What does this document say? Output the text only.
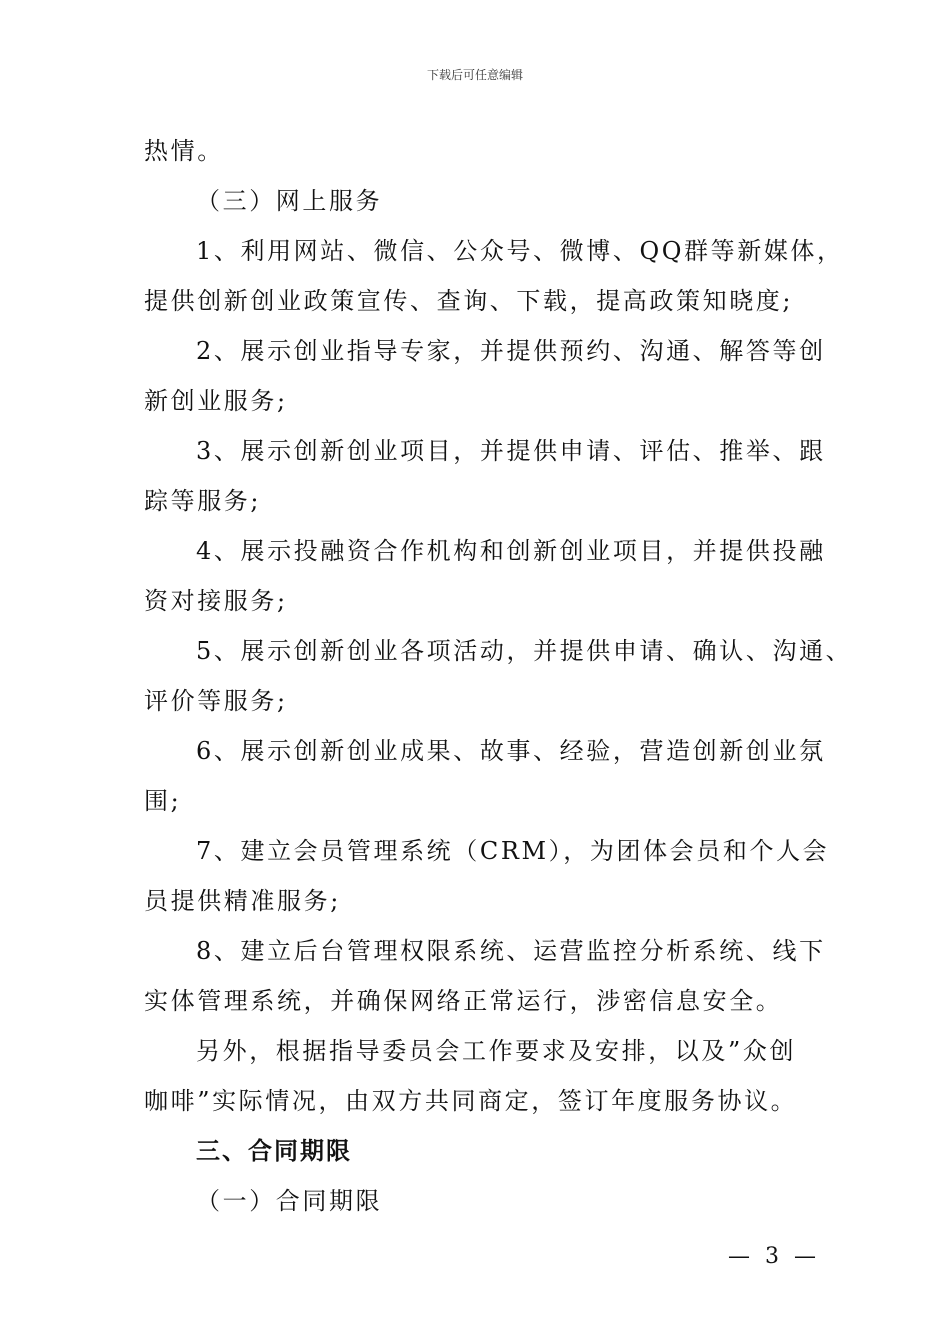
下载后可任意编辑
热情。
（三）网上服务
1、利用网站、微信、公众号、微博、QQ群等新媒体，
提供创新创业政策宣传、查询、下载，提高政策知晓度;
2、展示创业指导专家，并提供预约、沟通、解答等创
新创业服务;
3、展示创新创业项目，并提供申请、评估、推举、跟
踪等服务;
4、展示投融资合作机构和创新创业项目，并提供投融
资对接服务;
5、展示创新创业各项活动，并提供申请、确认、沟通、
评价等服务;
6、展示创新创业成果、故事、经验，营造创新创业氛
围;
7、建立会员管理系统（CRM），为团体会员和个人会
员提供精准服务;
8、建立后台管理权限系统、运营监控分析系统、线下
实体管理系统，并确保网络正常运行，涉密信息安全。
另外，根据指导委员会工作要求及安排，以及”众创
咖啡”实际情况，由双方共同商定，签订年度服务协议。
三、合同期限
（一）合同期限
— 3 —
